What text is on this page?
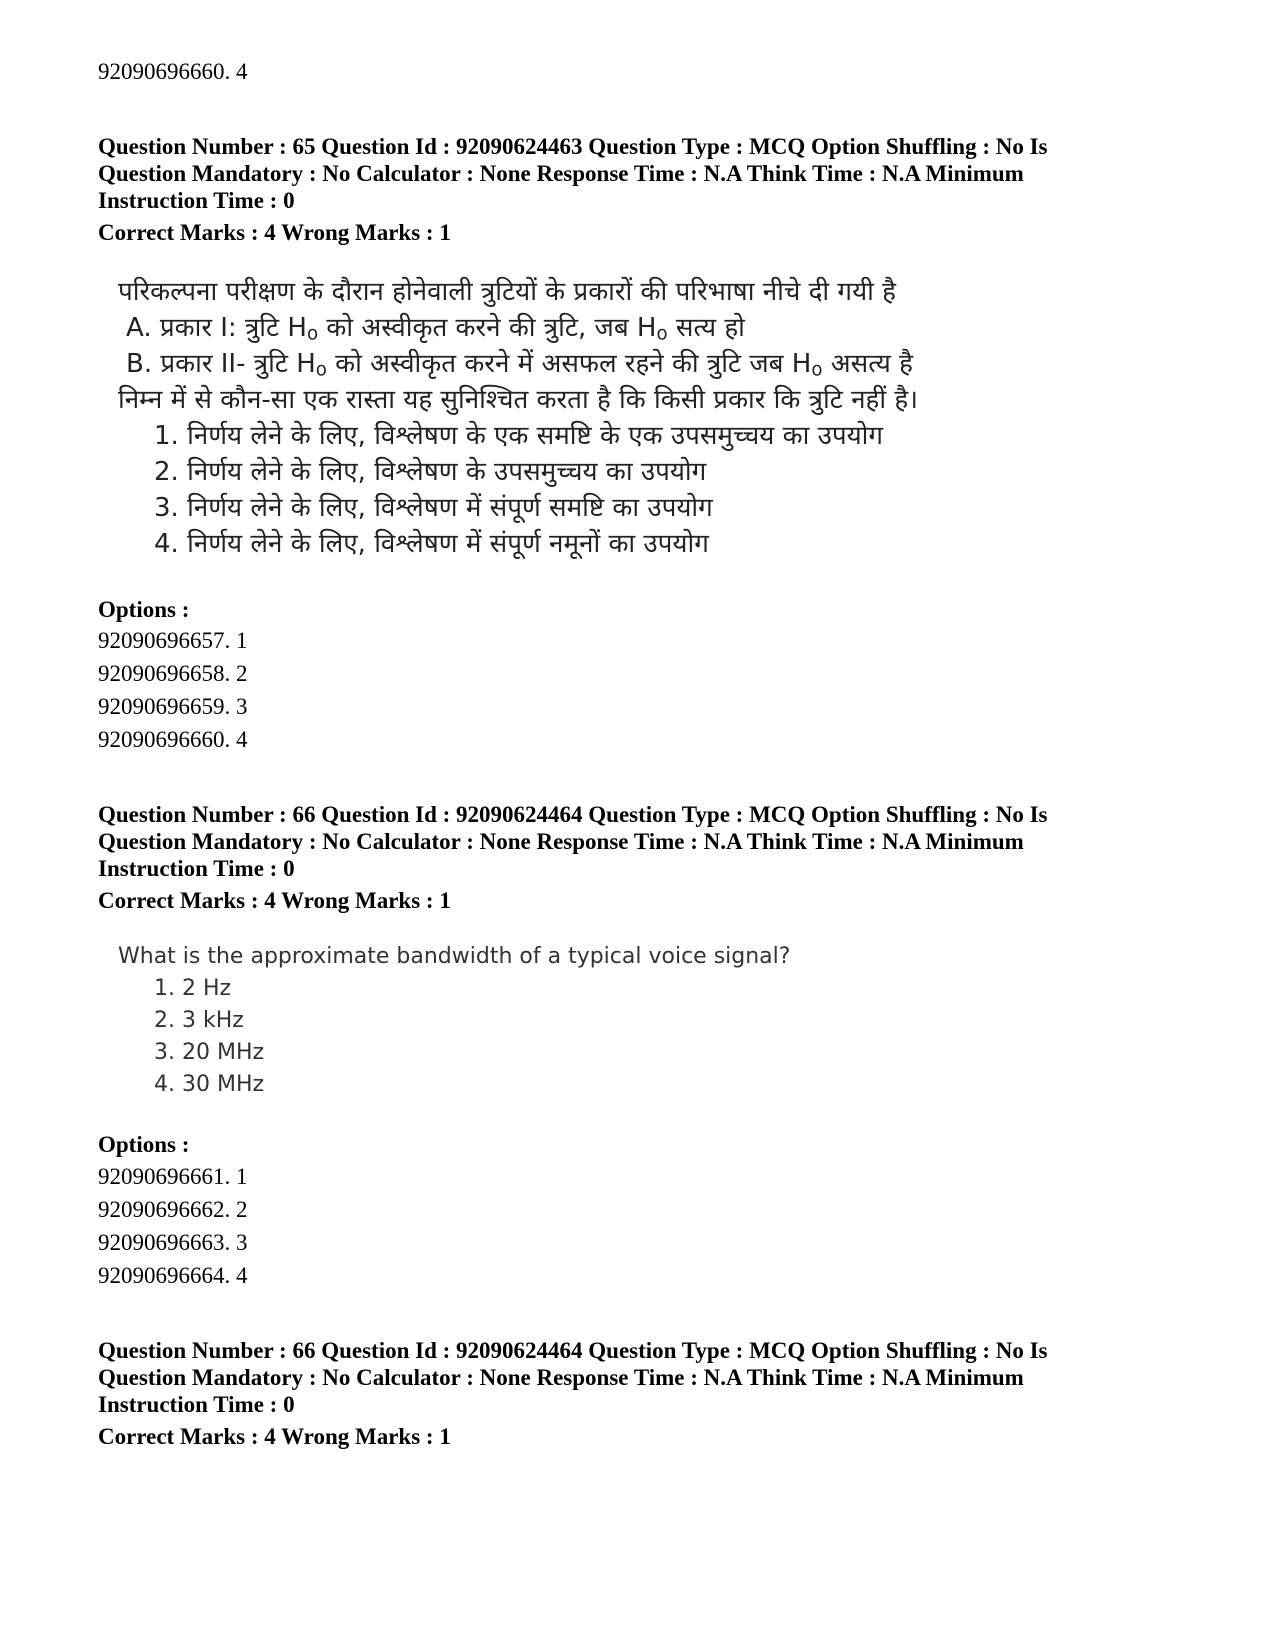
92090696660. 4
Question Number : 65 Question Id : 92090624463 Question Type : MCQ Option Shuffling : No Is
Question Mandatory : No Calculator : None Response Time : N.A Think Time : N.A Minimum
Instruction Time : 0
Correct Marks : 4 Wrong Marks : 1
परिकल्पना परीक्षण के दौरान होनेवाली त्रुटियों के प्रकारों की परिभाषा नीचे दी गयी है
A. प्रकार I: त्रुटि $H_o$ को अस्वीकृत करने की त्रुटि, जब $H_o$ सत्य हो
B. प्रकार II- त्रुटि $H_o$ को अस्वीकृत करने में असफल रहने की त्रुटि जब $H_o$ असत्य है
निम्न में से कौन-सा एक रास्ता यह सुनिश्चित करता है कि किसी प्रकार कि त्रुटि नहीं है।
1. निर्णय लेने के लिए, विश्लेषण के एक समष्टि के एक उपसमुच्चय का उपयोग
2. निर्णय लेने के लिए, विश्लेषण के उपसमुच्चय का उपयोग
3. निर्णय लेने के लिए, विश्लेषण में संपूर्ण समष्टि का उपयोग
4. निर्णय लेने के लिए, विश्लेषण में संपूर्ण नमूनों का उपयोग
Options :
92090696657. 1
92090696658. 2
92090696659. 3
92090696660. 4
Question Number : 66 Question Id : 92090624464 Question Type : MCQ Option Shuffling : No Is
Question Mandatory : No Calculator : None Response Time : N.A Think Time : N.A Minimum
Instruction Time : 0
Correct Marks : 4 Wrong Marks : 1
What is the approximate bandwidth of a typical voice signal?
1. 2 Hz
2. 3 kHz
3. 20 MHz
4. 30 MHz
Options :
92090696661. 1
92090696662. 2
92090696663. 3
92090696664. 4
Question Number : 66 Question Id : 92090624464 Question Type : MCQ Option Shuffling : No Is
Question Mandatory : No Calculator : None Response Time : N.A Think Time : N.A Minimum
Instruction Time : 0
Correct Marks : 4 Wrong Marks : 1
